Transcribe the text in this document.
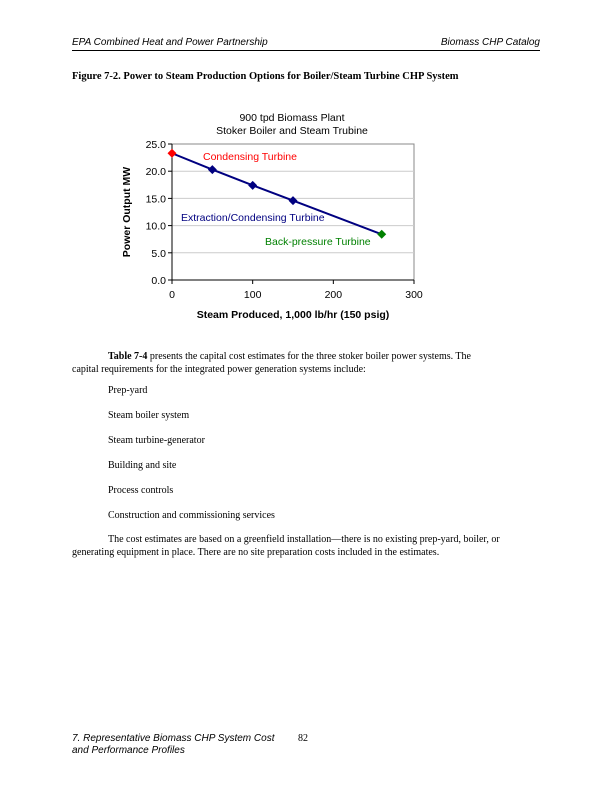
EPA Combined Heat and Power Partnership	Biomass CHP Catalog
Figure 7-2. Power to Steam Production Options for Boiler/Steam Turbine CHP System
0.0
5.0
10.0
15.0
20.0
25.0
0	100	200	300
900 tpd Biomass Plant
Stoker Boiler and Steam Trubine
Steam Produced, 1,000 lb/hr (150 psig)
Power Output MW
Condensing Turbine
Extraction/Condensing Turbine
Back-pressure Turbine
Table 7-4 presents the capital cost estimates for the three stoker boiler power systems. The
capital requirements for the integrated power generation systems include:
Prep-yard
Steam boiler system
Steam turbine-generator
Building and site
Process controls
Construction and commissioning services
The cost estimates are based on a greenfield installation—there is no existing prep-yard, boiler, or
generating equipment in place. There are no site preparation costs included in the estimates.
7. Representative Biomass CHP System Cost
and Performance Profiles
82
